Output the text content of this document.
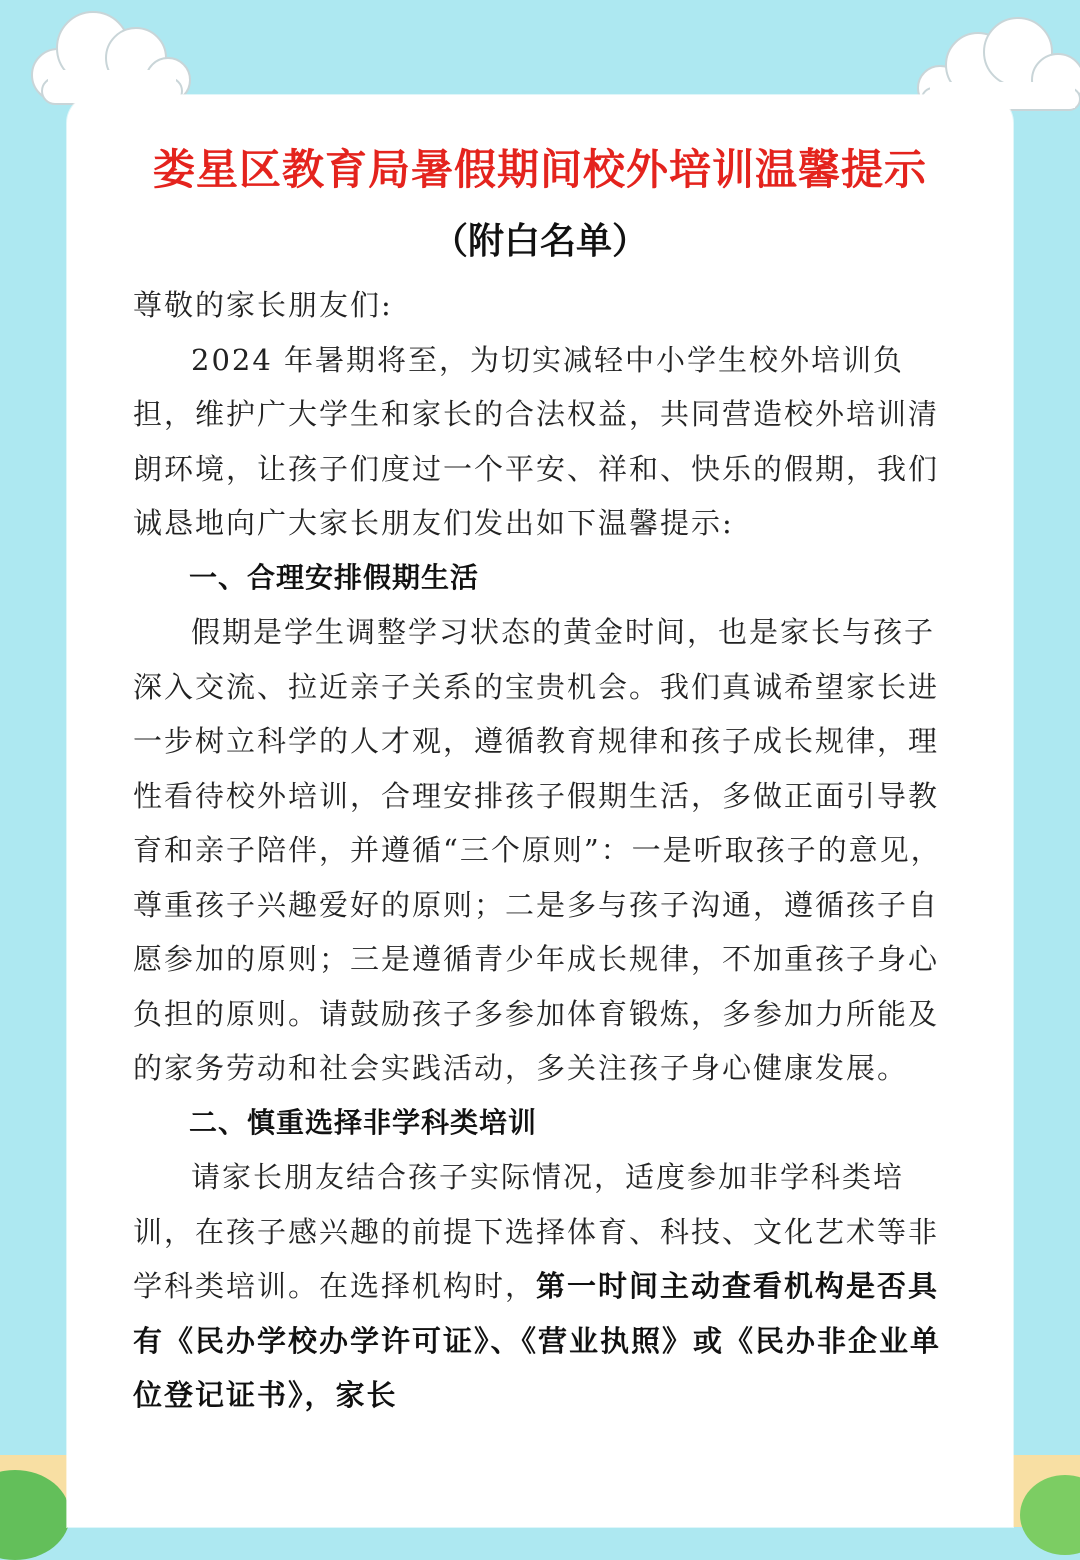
娄星区教育局暑假期间校外培训温馨提示
（附白名单）

尊敬的家长朋友们:

2024 年暑期将至，为切实减轻中小学生校外培训负担，维护广大学生和家长的合法权益，共同营造校外培训清朗环境，让孩子们度过一个平安、祥和、快乐的假期，我们诚恳地向广大家长朋友们发出如下温馨提示:

一、合理安排假期生活

假期是学生调整学习状态的黄金时间，也是家长与孩子深入交流、拉近亲子关系的宝贵机会。我们真诚希望家长进一步树立科学的人才观，遵循教育规律和孩子成长规律，理性看待校外培训，合理安排孩子假期生活，多做正面引导教育和亲子陪伴，并遵循“三个原则”：一是听取孩子的意见，尊重孩子兴趣爱好的原则；二是多与孩子沟通，遵循孩子自愿参加的原则；三是遵循青少年成长规律，不加重孩子身心负担的原则。请鼓励孩子多参加体育锻炼，多参加力所能及的家务劳动和社会实践活动，多关注孩子身心健康发展。

二、慎重选择非学科类培训

请家长朋友结合孩子实际情况，适度参加非学科类培训，在孩子感兴趣的前提下选择体育、科技、文化艺术等非学科类培训。在选择机构时，第一时间主动查看机构是否具有《民办学校办学许可证》、《营业执照》或《民办非企业单位登记证书》，家长
